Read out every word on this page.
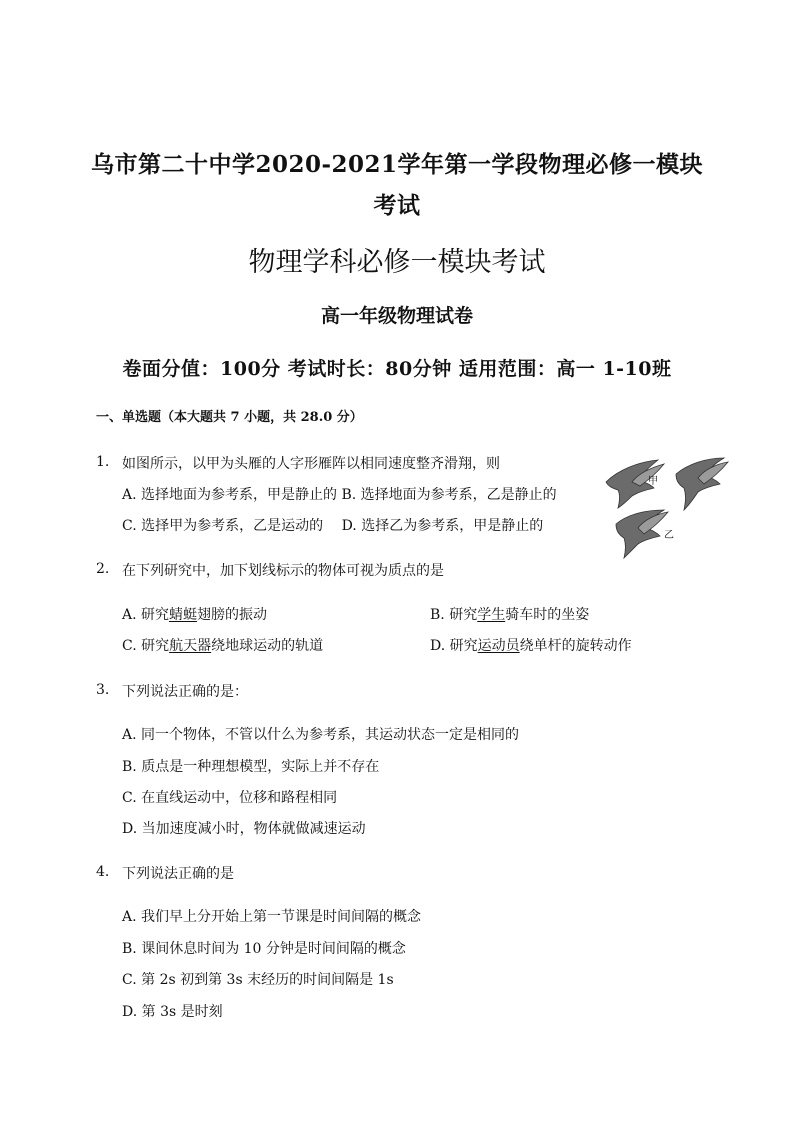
乌市第二十中学2020-2021学年第一学段物理必修一模块
考试
物理学科必修一模块考试
高一年级物理试卷
卷面分值：100分 考试时长：80分钟 适用范围：高一 1-10班
一、单选题（本大题共 7 小题，共 28.0 分）
1. 如图所示，以甲为头雁的人字形雁阵以相同速度整齐滑翔，则
A. 选择地面为参考系，甲是静止的 B. 选择地面为参考系，乙是静止的
C. 选择甲为参考系，乙是运动的　 D. 选择乙为参考系，甲是静止的
甲
乙
2. 在下列研究中，加下划线标示的物体可视为质点的是
A. 研究蜻蜓翅膀的振动	B. 研究学生骑车时的坐姿
C. 研究航天器绕地球运动的轨道	D. 研究运动员绕单杆的旋转动作
3. 下列说法正确的是：
A. 同一个物体，不管以什么为参考系，其运动状态一定是相同的
B. 质点是一种理想模型，实际上并不存在
C. 在直线运动中，位移和路程相同
D. 当加速度减小时，物体就做减速运动
4. 下列说法正确的是
A. 我们早上分开始上第一节课是时间间隔的概念
B. 课间休息时间为 10 分钟是时间间隔的概念
C. 第 2s 初到第 3s 末经历的时间间隔是 1s
D. 第 3s 是时刻
